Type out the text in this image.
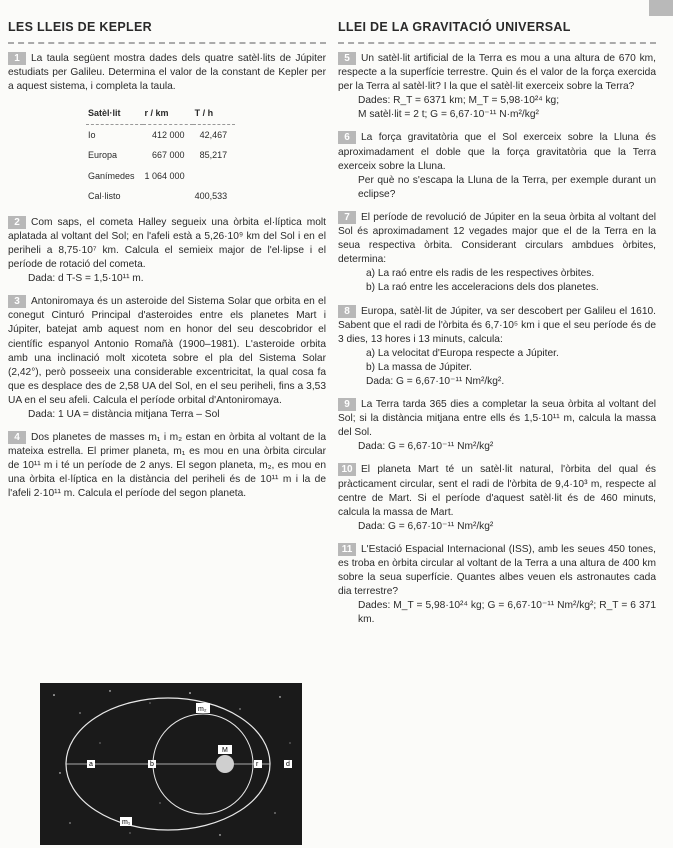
LES LLEIS DE KEPLER
1 La taula següent mostra dades dels quatre satèl·lits de Júpiter estudiats per Galileu. Determina el valor de la constant de Kepler per a aquest sistema, i completa la taula.
Satèl·lit	r / km	T / h
Io	412 000	42,467
Europa	667 000	85,217
Ganímedes	1 064 000	
Cal·listo		400,533
2 Com saps, el cometa Halley segueix una òrbita el·líptica molt aplatada al voltant del Sol; en l'afeli està a 5,26·10⁹ km del Sol i en el periheli a 8,75·10⁷ km. Calcula el semieix major de l'el·lipse i el període de rotació del cometa.
Dada: d T-S = 1,5·10¹¹ m.
3 Antoniromaya és un asteroide del Sistema Solar que orbita en el conegut Cinturó Principal d'asteroides entre els planetes Mart i Júpiter, batejat amb aquest nom en honor del seu descobridor el científic espanyol Antonio Romañà (1900–1981). L'asteroide orbita amb una inclinació molt xicoteta sobre el pla del Sistema Solar (2,42°), però posseeix una considerable excentricitat, la qual cosa fa que es desplace des de 2,58 UA del Sol, en el seu periheli, fins a 3,53 UA en el seu afeli. Calcula el període orbital d'Antoniromaya.
Dada: 1 UA = distància mitjana Terra – Sol
4 Dos planetes de masses m₁ i m₂ estan en òrbita al voltant de la mateixa estrella. El primer planeta, m₁ es mou en una òrbita circular de 10¹¹ m i té un període de 2 anys. El segon planeta, m₂, es mou en una òrbita el·líptica en la distància del periheli és de 10¹¹ m i la de l'afeli 2·10¹¹ m. Calcula el període del segon planeta.
m₂
m₁
M
a	b	r	d
LLEI DE LA GRAVITACIÓ UNIVERSAL
5 Un satèl·lit artificial de la Terra es mou a una altura de 670 km, respecte a la superfície terrestre. Quin és el valor de la força exercida per la Terra al satèl·lit? I la que el satèl·lit exerceix sobre la Terra?
Dades: R_T = 6371 km; M_T = 5,98·10²⁴ kg;
M satèl·lit = 2 t; G = 6,67·10⁻¹¹ N·m²/kg²
6 La força gravitatòria que el Sol exerceix sobre la Lluna és aproximadament el doble que la força gravitatòria que la Terra exerceix sobre la Lluna.
Per què no s'escapa la Lluna de la Terra, per exemple durant un eclipse?
7 El període de revolució de Júpiter en la seua òrbita al voltant del Sol és aproximadament 12 vegades major que el de la Terra en la seua respectiva òrbita. Considerant circulars ambdues òrbites, determina:
a) La raó entre els radis de les respectives òrbites.
b) La raó entre les acceleracions dels dos planetes.
8 Europa, satèl·lit de Júpiter, va ser descobert per Galileu el 1610. Sabent que el radi de l'òrbita és 6,7·10⁵ km i que el seu període és de 3 dies, 13 hores i 13 minuts, calcula:
a) La velocitat d'Europa respecte a Júpiter.
b) La massa de Júpiter.
Dada: G = 6,67·10⁻¹¹ Nm²/kg².
9 La Terra tarda 365 dies a completar la seua òrbita al voltant del Sol; si la distància mitjana entre ells és 1,5·10¹¹ m, calcula la massa del Sol.
Dada: G = 6,67·10⁻¹¹ Nm²/kg²
10 El planeta Mart té un satèl·lit natural, l'òrbita del qual és pràcticament circular, sent el radi de l'òrbita de 9,4·10³ m, respecte al centre de Mart. Si el període d'aquest satèl·lit és de 460 minuts, calcula la massa de Mart.
Dada: G = 6,67·10⁻¹¹ Nm²/kg²
11 L'Estació Espacial Internacional (ISS), amb les seues 450 tones, es troba en òrbita circular al voltant de la Terra a una altura de 400 km sobre la seua superfície. Quantes albes veuen els astronautes cada dia terrestre?
Dades: M_T = 5,98·10²⁴ kg; G = 6,67·10⁻¹¹ Nm²/kg²; R_T = 6 371 km.
